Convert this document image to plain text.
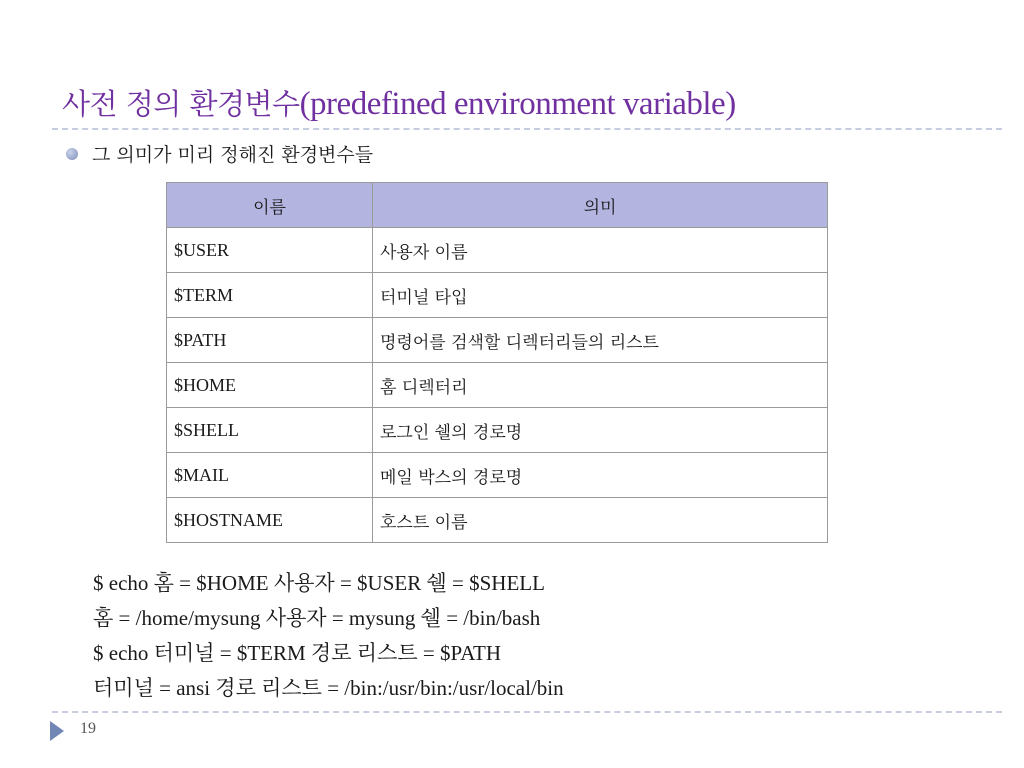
사전 정의 환경변수(predefined environment variable)
그 의미가 미리 정해진 환경변수들
이름	의미
$USER	사용자 이름
$TERM	터미널 타입
$PATH	명령어를 검색할 디렉터리들의 리스트
$HOME	홈 디렉터리
$SHELL	로그인 쉘의 경로명
$MAIL	메일 박스의 경로명
$HOSTNAME	호스트 이름
$ echo 홈 = $HOME 사용자 = $USER 쉘 = $SHELL
홈 = /home/mysung 사용자 = mysung 쉘 = /bin/bash
$ echo 터미널 = $TERM 경로 리스트 = $PATH
터미널 = ansi 경로 리스트 = /bin:/usr/bin:/usr/local/bin
19
